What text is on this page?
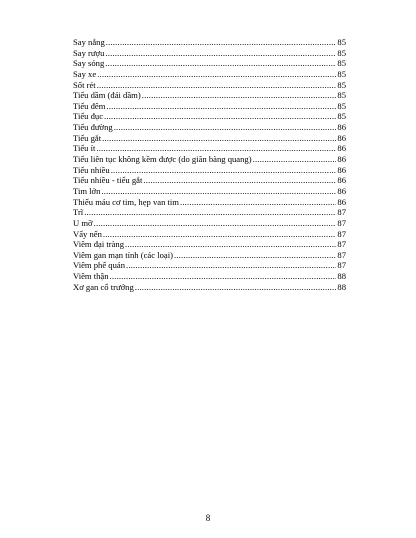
Say nắng .....	85
Say rượu .....	85
Say sóng .....	85
Say xe .....	85
Sốt rét .....	85
Tiểu dầm (đái dầm) .....	85
Tiểu đêm .....	85
Tiểu đục .....	85
Tiểu đường .....	86
Tiểu gắt .....	86
Tiểu ít .....	86
Tiểu liên tục không kềm được (do giãn bàng quang) .....	86
Tiểu nhiều .....	86
Tiểu nhiều - tiểu gắt .....	86
Tim lớn .....	86
Thiếu máu cơ tim, hẹp van tim .....	86
Trĩ .....	87
U mỡ .....	87
Vẩy nến .....	87
Viêm đại tràng .....	87
Viêm gan mạn tính (các loại) .....	87
Viêm phế quản .....	87
Viêm thận .....	88
Xơ gan cổ trướng .....	88
8
